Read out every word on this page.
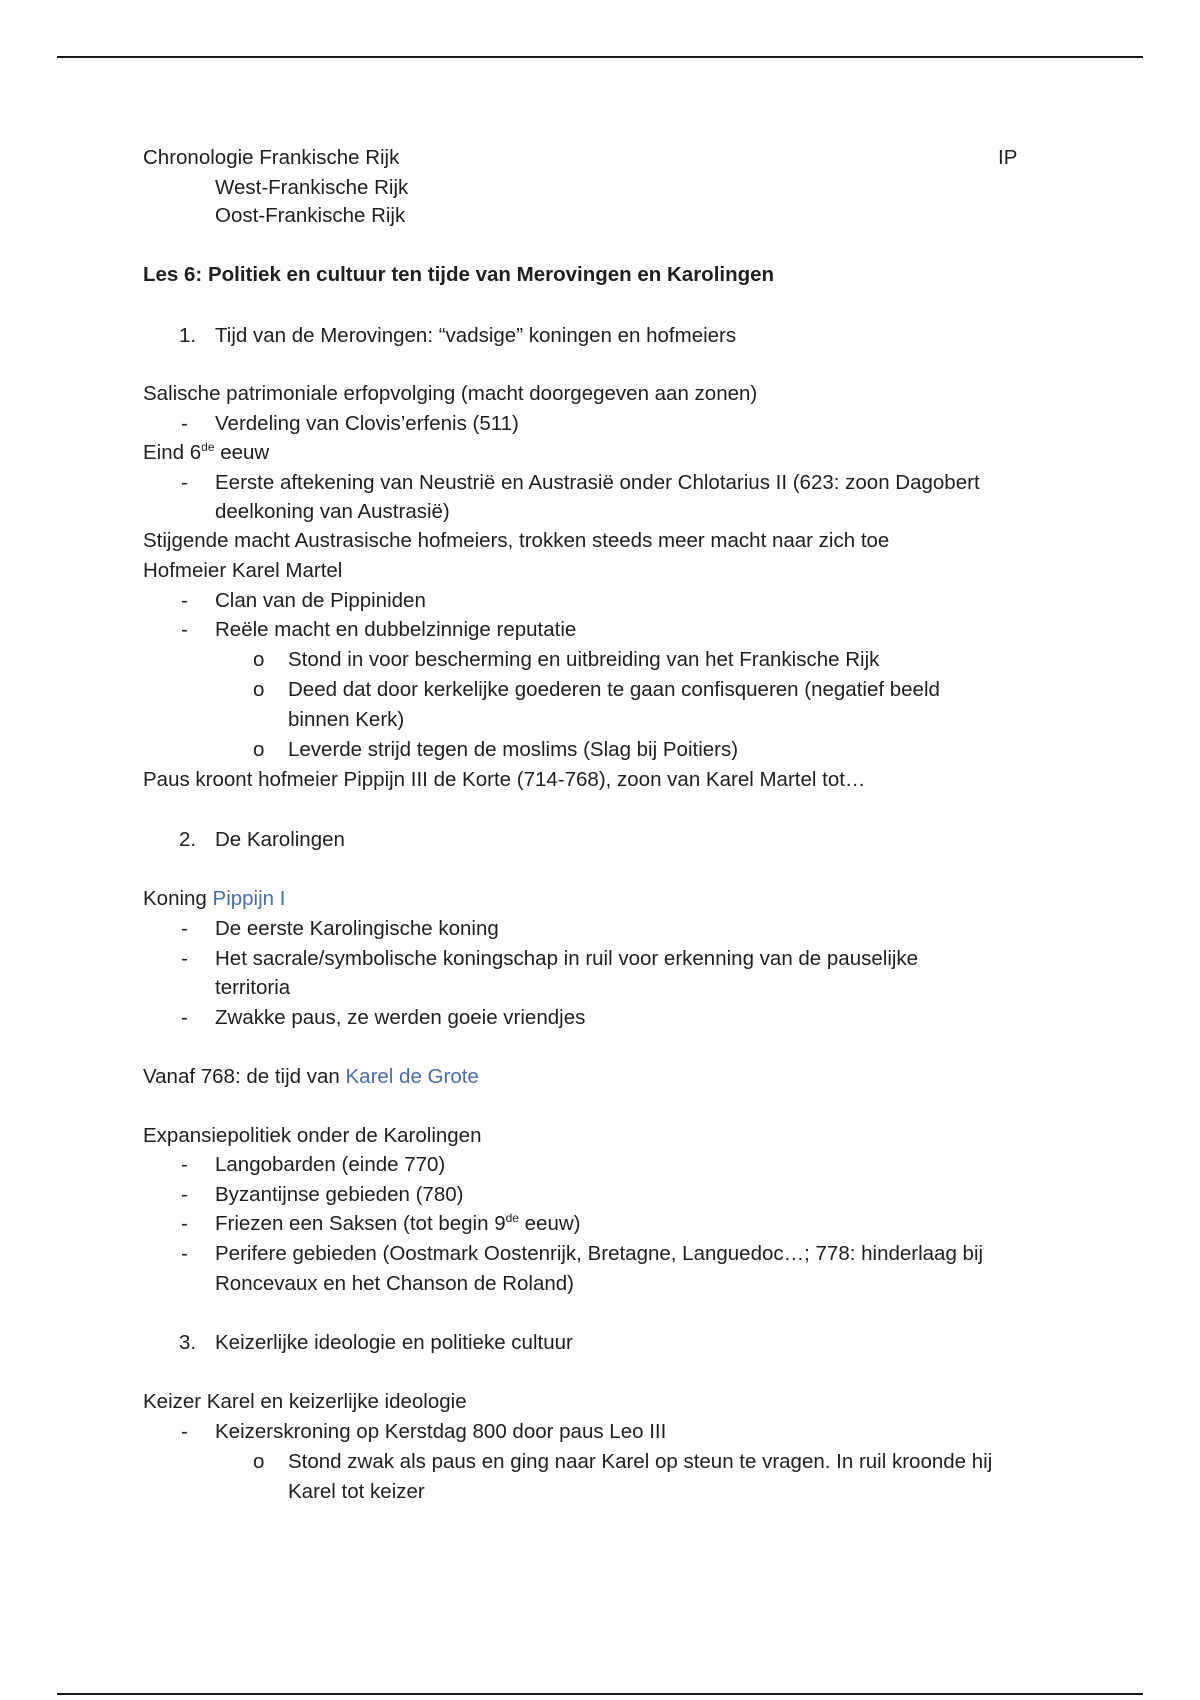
Chronologie Frankische Rijk	IP
West-Frankische Rijk
Oost-Frankische Rijk
Les 6: Politiek en cultuur ten tijde van Merovingen en Karolingen
1. Tijd van de Merovingen: “vadsige” koningen en hofmeiers
Salische patrimoniale erfopvolging (macht doorgegeven aan zonen)
- Verdeling van Clovis’erfenis (511)
Eind 6de eeuw
- Eerste aftekening van Neustrië en Austrasië onder Chlotarius II (623: zoon Dagobert
deelkoning van Austrasië)
Stijgende macht Austrasische hofmeiers, trokken steeds meer macht naar zich toe
Hofmeier Karel Martel
- Clan van de Pippiniden
- Reële macht en dubbelzinnige reputatie
o Stond in voor bescherming en uitbreiding van het Frankische Rijk
o Deed dat door kerkelijke goederen te gaan confisqueren (negatief beeld
binnen Kerk)
o Leverde strijd tegen de moslims (Slag bij Poitiers)
Paus kroont hofmeier Pippijn III de Korte (714-768), zoon van Karel Martel tot…
2. De Karolingen
Koning Pippijn I
- De eerste Karolingische koning
- Het sacrale/symbolische koningschap in ruil voor erkenning van de pauselijke
territoria
- Zwakke paus, ze werden goeie vriendjes
Vanaf 768: de tijd van Karel de Grote
Expansiepolitiek onder de Karolingen
- Langobarden (einde 770)
- Byzantijnse gebieden (780)
- Friezen een Saksen (tot begin 9de eeuw)
- Perifere gebieden (Oostmark Oostenrijk, Bretagne, Languedoc…; 778: hinderlaag bij
Roncevaux en het Chanson de Roland)
3. Keizerlijke ideologie en politieke cultuur
Keizer Karel en keizerlijke ideologie
- Keizerskroning op Kerstdag 800 door paus Leo III
o Stond zwak als paus en ging naar Karel op steun te vragen. In ruil kroonde hij
Karel tot keizer
